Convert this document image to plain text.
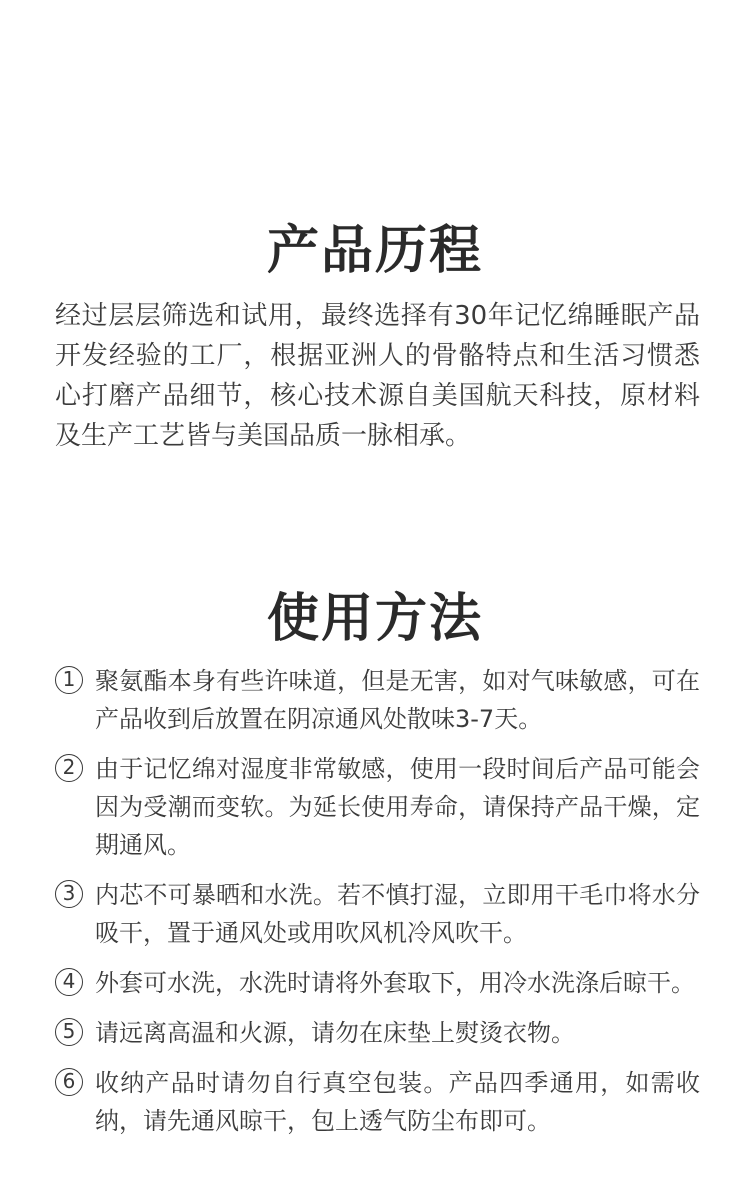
产品历程

经过层层筛选和试用，最终选择有30年记忆绵睡眠产品开发经验的工厂，根据亚洲人的骨骼特点和生活习惯悉心打磨产品细节，核心技术源自美国航天科技，原材料及生产工艺皆与美国品质一脉相承。

使用方法
1 聚氨酯本身有些许味道，但是无害，如对气味敏感，可在产品收到后放置在阴凉通风处散味3-7天。
2 由于记忆绵对湿度非常敏感，使用一段时间后产品可能会因为受潮而变软。为延长使用寿命，请保持产品干燥，定期通风。
3 内芯不可暴晒和水洗。若不慎打湿，立即用干毛巾将水分吸干，置于通风处或用吹风机冷风吹干。
4 外套可水洗，水洗时请将外套取下，用冷水洗涤后晾干。
5 请远离高温和火源，请勿在床垫上熨烫衣物。
6 收纳产品时请勿自行真空包装。产品四季通用，如需收纳，请先通风晾干，包上透气防尘布即可。
